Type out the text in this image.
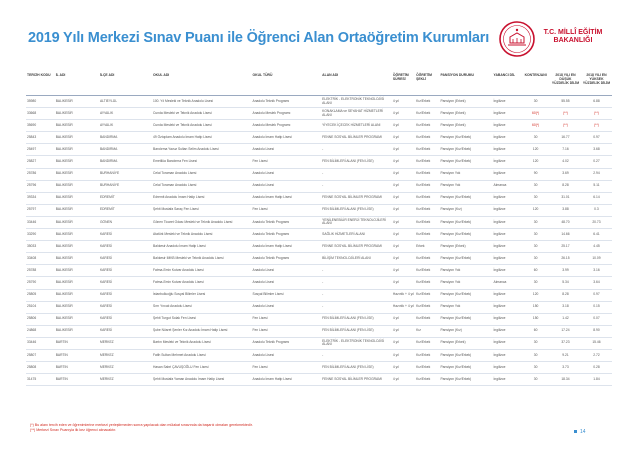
2019 Yılı Merkezi Sınav Puanı ile Öğrenci Alan Ortaöğretim Kurumları	T.C. MİLLÎ EĞİTİM
BAKANLIĞI
TERCİH KODU	İL ADI	İLÇE ADI	OKUL ADI	OKUL TÜRÜ	ALAN ADI	ÖĞRETİM SÜRESİ	ÖĞRETİM ŞEKLİ	PANSİYON DURUMU	YABANCI DİL	KONTENJANI	2018 YILI EN DÜŞÜK YÜZDELİK DİLİM	2018 YILI EN YÜKSEK YÜZDELİK DİLİM
35980	BALIKESİR	ALTIEYLÜL	100. Yıl Mesleki ve Teknik Anadolu Lisesi	Anadolu Teknik Programı	ELEKTRİK - ELEKTRONİK TEKNOLOJİSİ ALANI	4 yıl	Kız/Erkek	Pansiyon (Erkek)	İngilizce	30	55.55	6.88
33668	BALIKESİR	AYVALIK	Cunda Mesleki ve Teknik Anadolu Lisesi	Anadolu Meslek Programı	KONAKLAMA ve SEYAHAT HİZMETLERİ ALANI	4 yıl	Kız/Erkek	Pansiyon (Erkek)	İngilizce	60(*)	(**)	(**)
35690	BALIKESİR	AYVALIK	Cunda Mesleki ve Teknik Anadolu Lisesi	Anadolu Meslek Programı	YİYECEK İÇECEK HİZMETLERİ ALANI	4 yıl	Kız/Erkek	Pansiyon (Erkek)	İngilizce	60(*)	(**)	(**)
25843	BALIKESİR	BANDIRMA	49 Öztoplam Anadolu İmam Hatip Lisesi	Anadolu İmam Hatip Lisesi	FENNE SOSYAL BİLİMLER PROGRAMI	4 yıl	Kız/Erkek	Pansiyon (Kız/Erkek)	İngilizce	30	16.77	0.97
25497	BALIKESİR	BANDIRMA	Bandırma Yavuz Sultan Selim Anadolu Lisesi	Anadolu Lisesi	-	4 yıl	Kız/Erkek	Pansiyon (Kız/Erkek)	İngilizce	120	7.16	3.68
25827	BALIKESİR	BANDIRMA	Emetllüa Bandırma Fen Lisesi	Fen Lisesi	FEN BİLİMLERİ ALANI (FEN LİSE)	4 yıl	Kız/Erkek	Pansiyon (Kız/Erkek)	İngilizce	120	4.02	0.27
25786	BALIKESİR	BURHANİYE	Celal Toraman Anadolu Lisesi	Anadolu Lisesi	-	4 yıl	Kız/Erkek	Pansiyon Yok	İngilizce	90	3.69	2.94
25796	BALIKESİR	BURHANİYE	Celal Toraman Anadolu Lisesi	Anadolu Lisesi	-	4 yıl	Kız/Erkek	Pansiyon Yok	Almanca	30	8.28	5.11
39334	BALIKESİR	EDREMİT	Edremit Anadolu İmam Hatip Lisesi	Anadolu İmam Hatip Lisesi	FENNE SOSYAL BİLİMLER PROGRAMI	4 yıl	Kız/Erkek	Pansiyon (Kız/Erkek)	İngilizce	30	31.01	6.14
25797	BALIKESİR	EDREMİT	Şehit Mustafa Saraç Fen Lisesi	Fen Lisesi	FEN BİLİMLERİ ALANI (FEN LİSE)	4 yıl	Kız/Erkek	Pansiyon (Kız)	İngilizce	120	3.88	0.3
33446	BALIKESİR	GÖNEN	Gönen Ticaret Odası Mesleki ve Teknik Anadolu Lisesi	Anadolu Teknik Programı	YENİLENEBİLİR ENERJİ TEKNOLOJİLERİ ALANI	4 yıl	Kız/Erkek	Pansiyon (Kız/Erkek)	İngilizce	30	48.70	20.73
33290	BALIKESİR	KARESİ	Atatürk Mesleki ve Teknik Anadolu Lisesi	Anadolu Teknik Programı	SAĞLIK HİZMETLERİ ALANI	4 yıl	Kız/Erkek	Pansiyon (Kız/Erkek)	İngilizce	30	14.66	6.41
35033	BALIKESİR	KARESİ	Balıkesir Anadolu İmam Hatip Lisesi	Anadolu İmam Hatip Lisesi	FENNE SOSYAL BİLİMLER PROGRAMI	4 yıl	Erkek	Pansiyon (Erkek)	İngilizce	30	25.17	4.45
33408	BALIKESİR	KARESİ	Balıkesir IMKB Mesleki ve Teknik Anadolu Lisesi	Anadolu Teknik Programı	BİLİŞİM TEKNOLOJİLERİ ALANI	4 yıl	Kız/Erkek	Pansiyon (Kız/Erkek)	İngilizce	30	26.15	10.09
25788	BALIKESİR	KARESİ	Fatma-Emin Kutvar Anadolu Lisesi	Anadolu Lisesi	-	4 yıl	Kız/Erkek	Pansiyon Yok	İngilizce	60	3.99	3.16
25790	BALIKESİR	KARESİ	Fatma-Emin Kutvar Anadolu Lisesi	Anadolu Lisesi	-	4 yıl	Kız/Erkek	Pansiyon Yok	Almanca	30	5.34	3.64
25805	BALIKESİR	KARESİ	İstanbulluoğlu Sosyal Bilimler Lisesi	Sosyal Bilimler Lisesi	-	Hazırlık + 4 yıl	Kız/Erkek	Pansiyon (Kız/Erkek)	İngilizce	120	8.28	0.97
25104	BALIKESİR	KARESİ	Sırrı Yırcalı Anadolu Lisesi	Anadolu Lisesi	-	Hazırlık + 4 yıl	Kız/Erkek	Pansiyon Yok	İngilizce	150	3.18	0.15
25806	BALIKESİR	KARESİ	Şehit Turgut Solak Fen Lisesi	Fen Lisesi	FEN BİLİMLERİ ALANI (FEN LİSE)	4 yıl	Kız/Erkek	Pansiyon (Kız/Erkek)	İngilizce	150	1.42	0.07
24868	BALIKESİR	KARESİ	Şube Nüsret Şenler Kız Anadolu İmam Hatip Lisesi	Fen Lisesi	FEN BİLİMLERİ ALANI (FEN LİSE)	4 yıl	Kız	Pansiyon (Kız)	İngilizce	60	17.24	8.90
33446	BARTIN	MERKEZ	Bartın Mesleki ve Teknik Anadolu Lisesi	Anadolu Teknik Programı	ELEKTRİK - ELEKTRONİK TEKNOLOJİSİ ALANI	4 yıl	Kız/Erkek	Pansiyon (Erkek)	İngilizce	30	37.23	15.46
25807	BARTIN	MERKEZ	Fatih Sultan Mehmet Anadolu Lisesi	Anadolu Lisesi	-	4 yıl	Kız/Erkek	Pansiyon (Kız/Erkek)	İngilizce	30	9.21	2.72
25808	BARTIN	MERKEZ	Hasan Sabri ÇAVUŞOĞLU Fen Lisesi	Fen Lisesi	FEN BİLİMLERİ ALANI (FEN LİSE)	4 yıl	Kız/Erkek	Pansiyon (Kız/Erkek)	İngilizce	30	3.73	0.28
31475	BARTIN	MERKEZ	Şehit Mustafa Yaman Anadolu İmam Hatip Lisesi	Anadolu İmam Hatip Lisesi	FENNE SOSYAL BİLİMLER PROGRAMI	4 yıl	Kız/Erkek	Pansiyon (Kız/Erkek)	İngilizce	30	18.34	1.84
(*) Bu alanı tercih eden ve öğrenimlerine merkezi yerleştirmeden sonra yapılacak olan mülakat sınavında da başarılı olmaları gerekmektedir.
(**) Merkezi Sınav Puanıyla ilk kez öğrenci alınacaktır.	14
